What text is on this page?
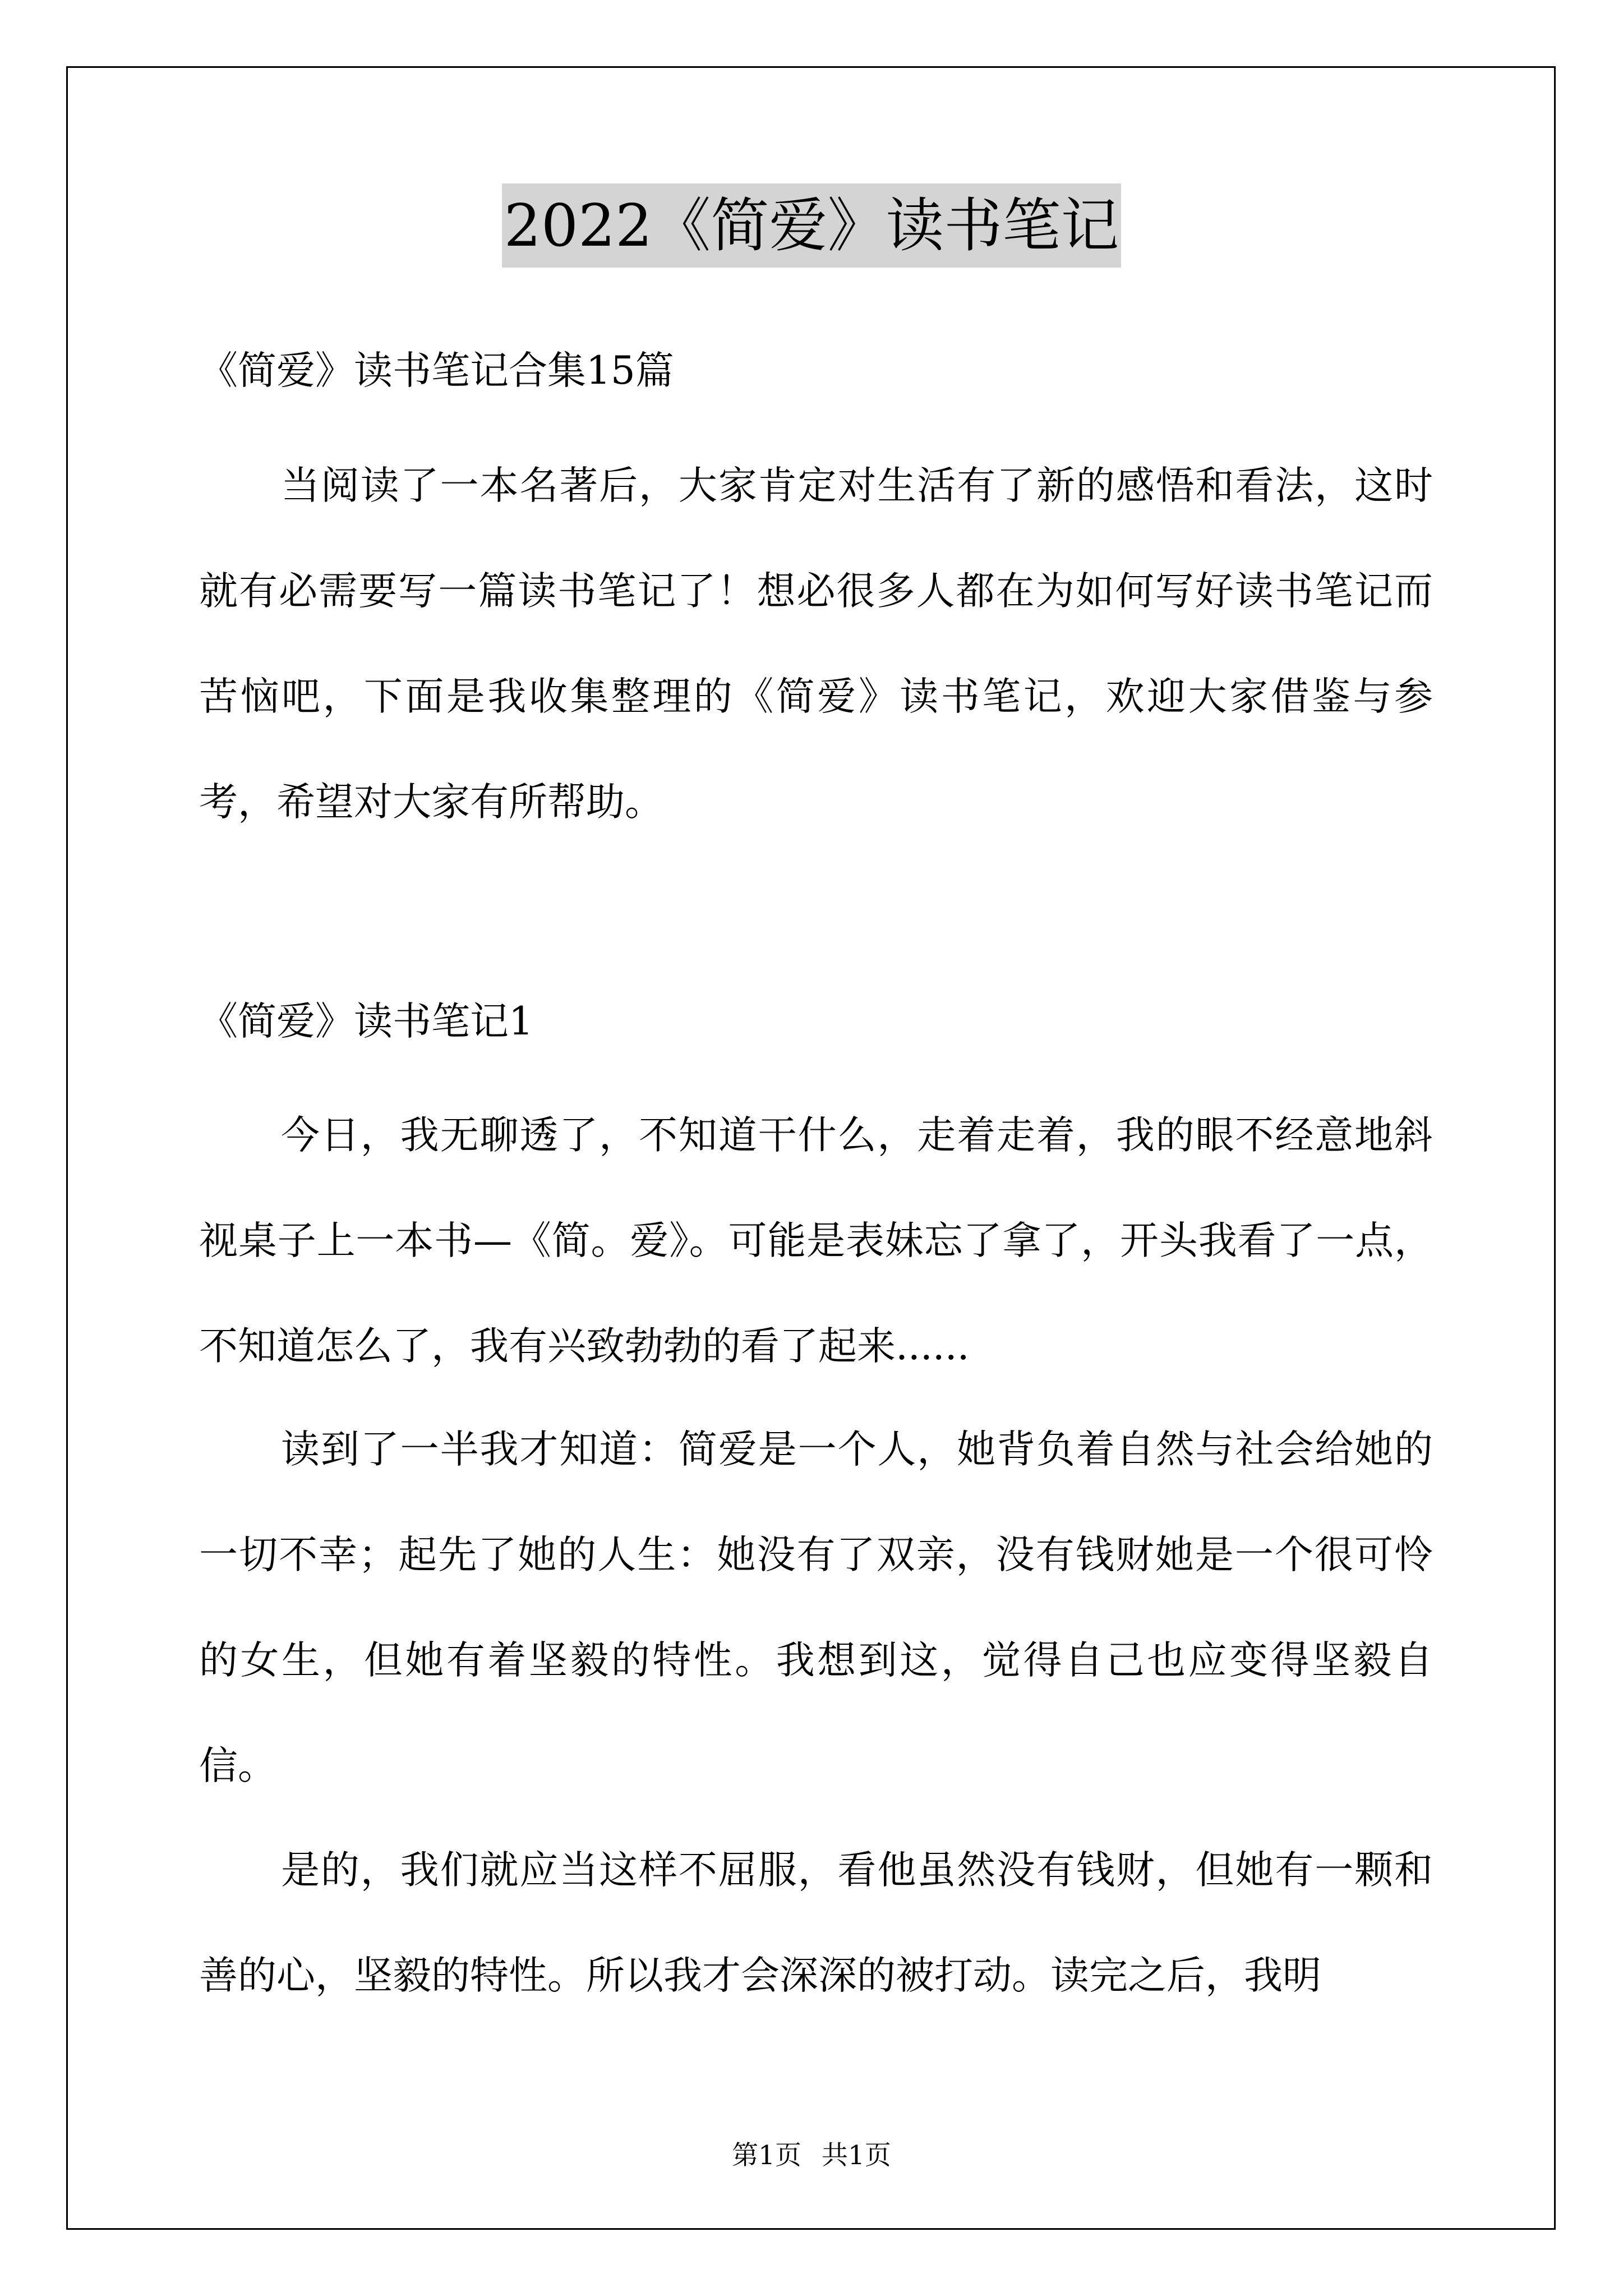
2022《简爱》读书笔记

《简爱》读书笔记合集15篇

当阅读了一本名著后，大家肯定对生活有了新的感悟和看法，这时就有必需要写一篇读书笔记了！想必很多人都在为如何写好读书笔记而苦恼吧，下面是我收集整理的《简爱》读书笔记，欢迎大家借鉴与参考，希望对大家有所帮助。

《简爱》读书笔记1

今日，我无聊透了，不知道干什么，走着走着，我的眼不经意地斜视桌子上一本书—《简。爱》。可能是表妹忘了拿了，开头我看了一点，不知道怎么了，我有兴致勃勃的看了起来......

读到了一半我才知道：简爱是一个人，她背负着自然与社会给她的一切不幸；起先了她的人生：她没有了双亲，没有钱财她是一个很可怜的女生，但她有着坚毅的特性。我想到这，觉得自己也应变得坚毅自信。

是的，我们就应当这样不屈服，看他虽然没有钱财，但她有一颗和善的心，坚毅的特性。所以我才会深深的被打动。读完之后，我明

第1页 共1页
